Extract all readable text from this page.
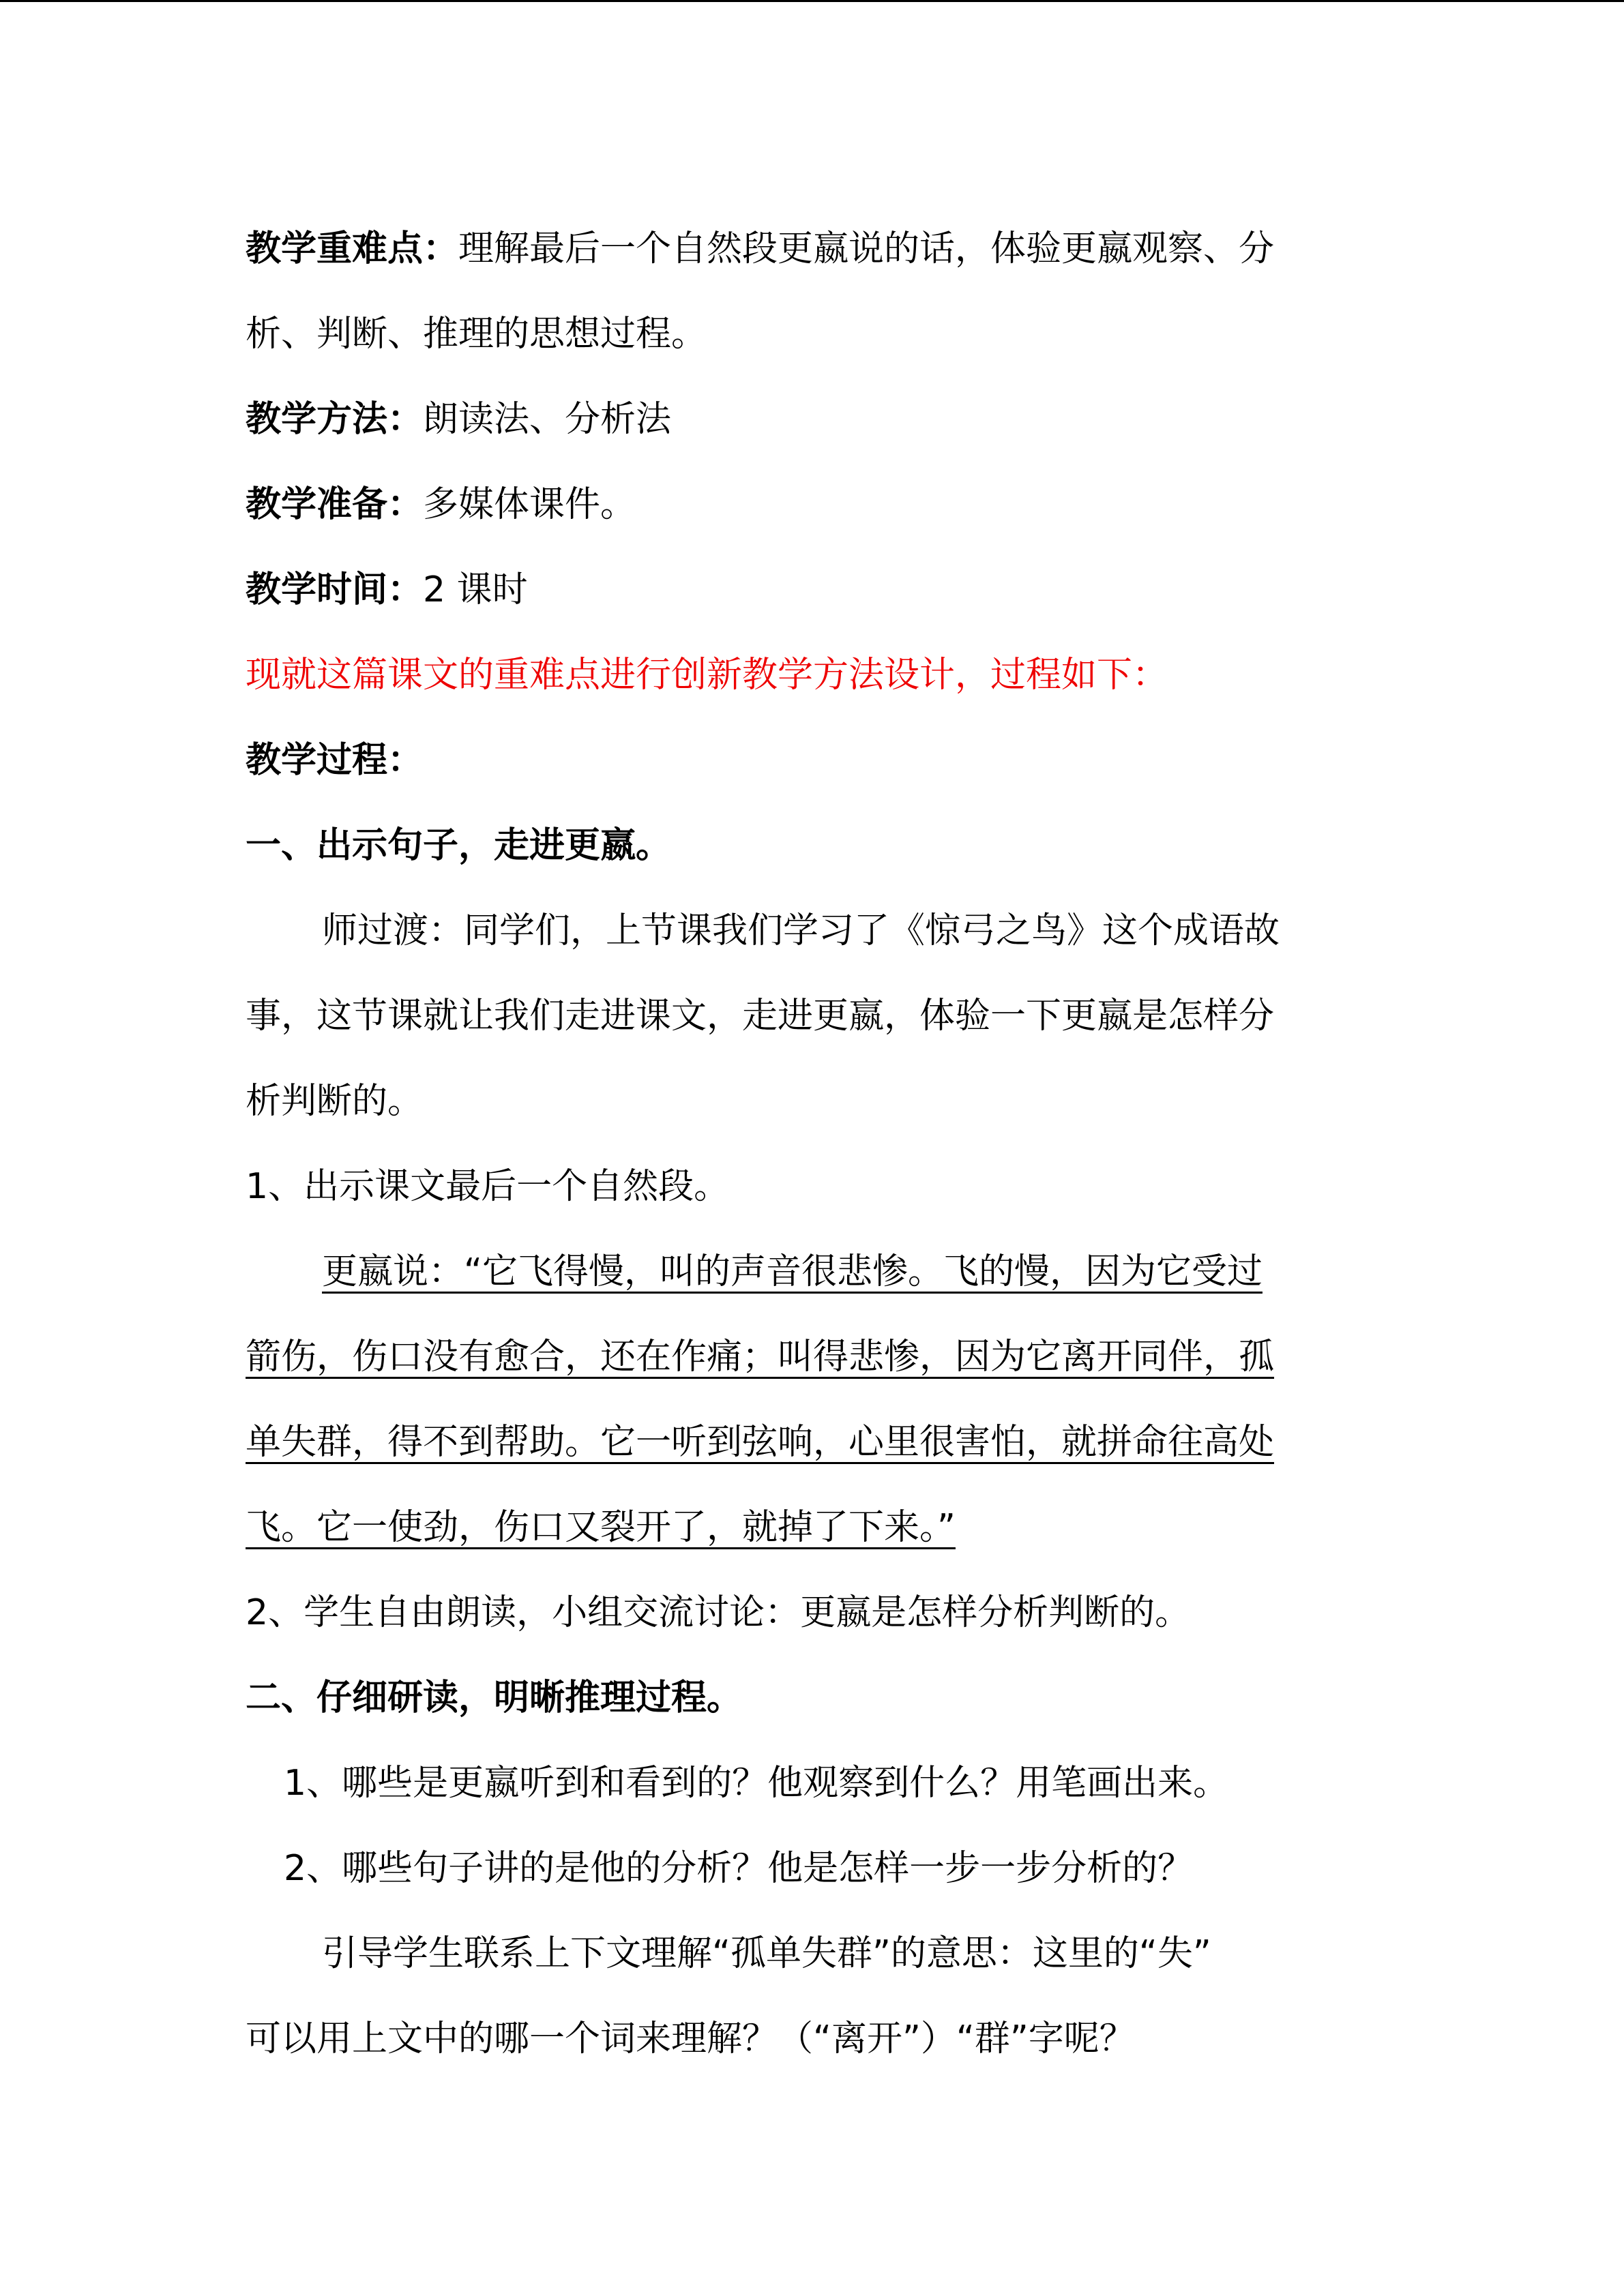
教学重难点：理解最后一个自然段更嬴说的话，体验更嬴观察、分
析、判断、推理的思想过程。
教学方法：朗读法、分析法
教学准备：多媒体课件。
教学时间：2 课时
现就这篇课文的重难点进行创新教学方法设计，过程如下：
教学过程：
一、出示句子，走进更嬴。
师过渡：同学们，上节课我们学习了《惊弓之鸟》这个成语故
事，这节课就让我们走进课文，走进更嬴，体验一下更嬴是怎样分
析判断的。
1、出示课文最后一个自然段。
更嬴说：“它飞得慢，叫的声音很悲惨。飞的慢，因为它受过
箭伤，伤口没有愈合，还在作痛；叫得悲惨，因为它离开同伴，孤
单失群，得不到帮助。它一听到弦响，心里很害怕，就拼命往高处
飞。它一使劲，伤口又裂开了，就掉了下来。”
2、学生自由朗读，小组交流讨论：更嬴是怎样分析判断的。
二、仔细研读，明晰推理过程。
1、哪些是更嬴听到和看到的？他观察到什么？用笔画出来。
2、哪些句子讲的是他的分析？他是怎样一步一步分析的？
引导学生联系上下文理解“孤单失群”的意思：这里的“失”
可以用上文中的哪一个词来理解？（“离开”）“群”字呢？
